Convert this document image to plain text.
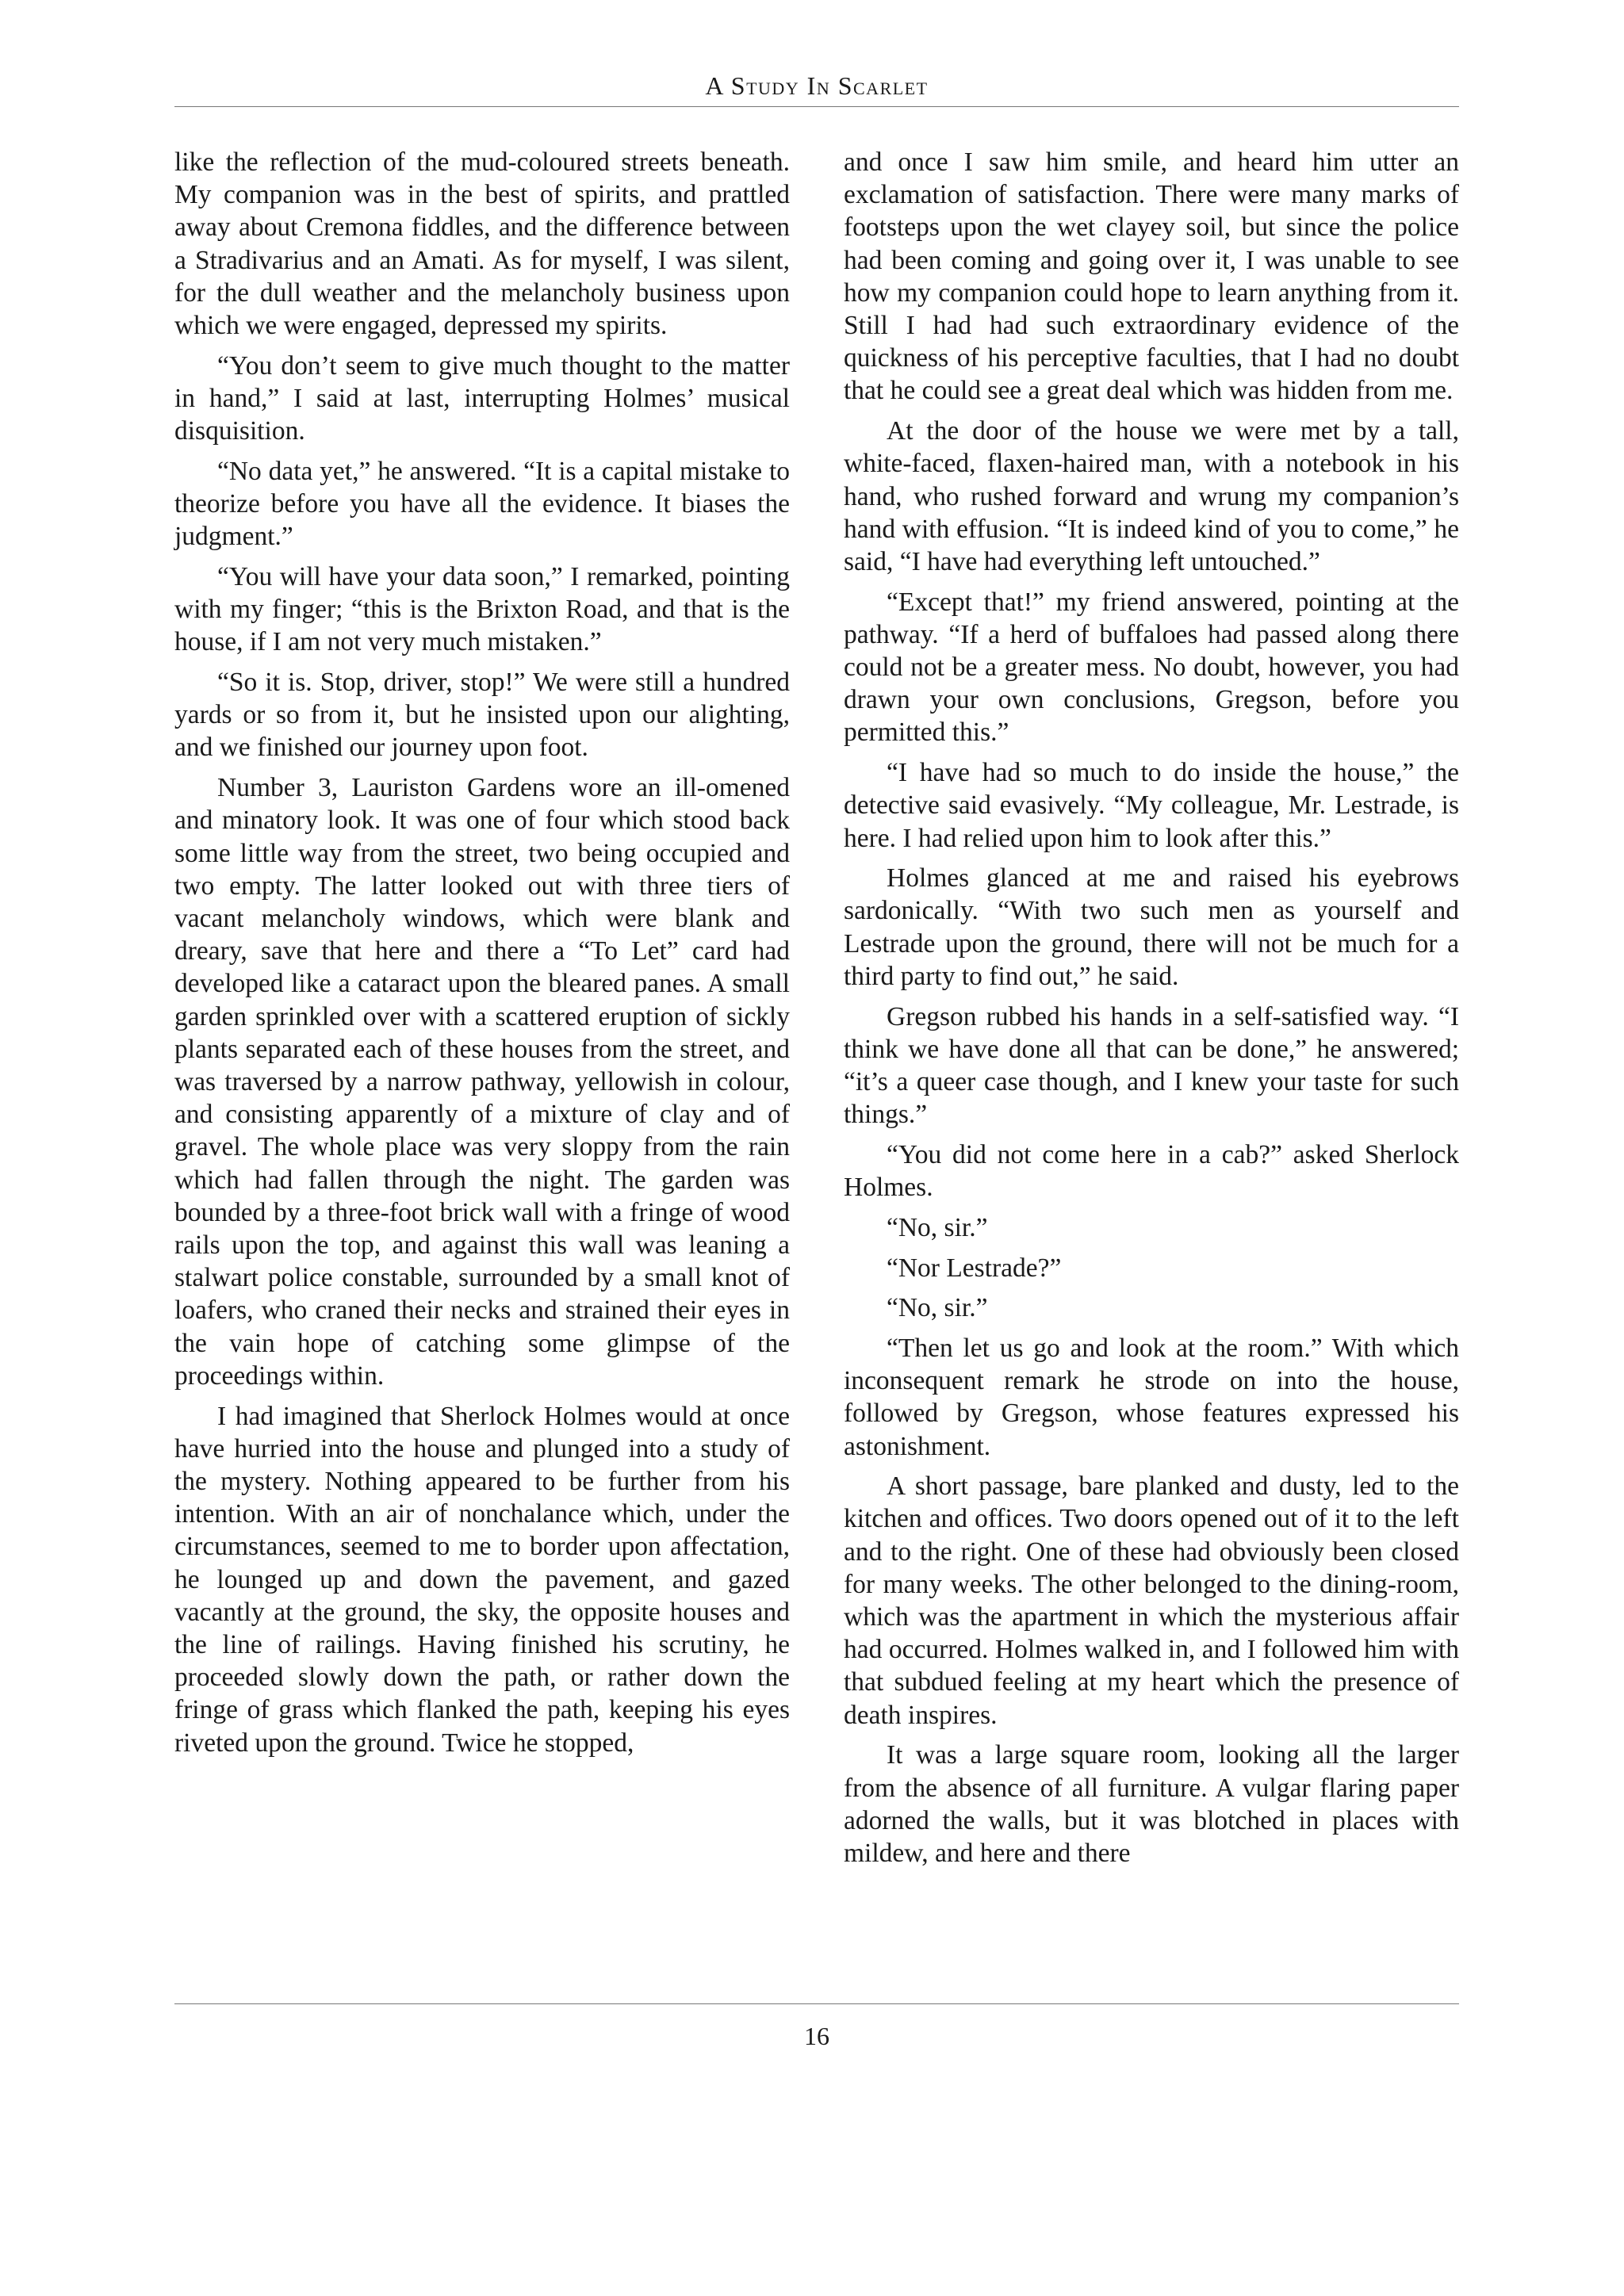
A Study In Scarlet

like the reflection of the mud-coloured streets beneath. My companion was in the best of spirits, and prattled away about Cremona fiddles, and the difference between a Stradivarius and an Amati. As for myself, I was silent, for the dull weather and the melancholy business upon which we were engaged, depressed my spirits.

“You don’t seem to give much thought to the matter in hand,” I said at last, interrupting Holmes’ musical disquisition.

“No data yet,” he answered. “It is a capital mistake to theorize before you have all the evidence. It biases the judgment.”

“You will have your data soon,” I remarked, pointing with my finger; “this is the Brixton Road, and that is the house, if I am not very much mistaken.”

“So it is. Stop, driver, stop!” We were still a hundred yards or so from it, but he insisted upon our alighting, and we finished our journey upon foot.

Number 3, Lauriston Gardens wore an ill-omened and minatory look. It was one of four which stood back some little way from the street, two being occupied and two empty. The latter looked out with three tiers of vacant melancholy windows, which were blank and dreary, save that here and there a “To Let” card had developed like a cataract upon the bleared panes. A small garden sprinkled over with a scattered eruption of sickly plants separated each of these houses from the street, and was traversed by a narrow pathway, yellowish in colour, and consisting apparently of a mixture of clay and of gravel. The whole place was very sloppy from the rain which had fallen through the night. The garden was bounded by a three-foot brick wall with a fringe of wood rails upon the top, and against this wall was leaning a stalwart police constable, surrounded by a small knot of loafers, who craned their necks and strained their eyes in the vain hope of catching some glimpse of the proceedings within.

I had imagined that Sherlock Holmes would at once have hurried into the house and plunged into a study of the mystery. Nothing appeared to be further from his intention. With an air of nonchalance which, under the circumstances, seemed to me to border upon affectation, he lounged up and down the pavement, and gazed vacantly at the ground, the sky, the opposite houses and the line of railings. Having finished his scrutiny, he proceeded slowly down the path, or rather down the fringe of grass which flanked the path, keeping his eyes riveted upon the ground. Twice he stopped,

and once I saw him smile, and heard him utter an exclamation of satisfaction. There were many marks of footsteps upon the wet clayey soil, but since the police had been coming and going over it, I was unable to see how my companion could hope to learn anything from it. Still I had had such extraordinary evidence of the quickness of his perceptive faculties, that I had no doubt that he could see a great deal which was hidden from me.

At the door of the house we were met by a tall, white-faced, flaxen-haired man, with a notebook in his hand, who rushed forward and wrung my companion’s hand with effusion. “It is indeed kind of you to come,” he said, “I have had everything left untouched.”

“Except that!” my friend answered, pointing at the pathway. “If a herd of buffaloes had passed along there could not be a greater mess. No doubt, however, you had drawn your own conclusions, Gregson, before you permitted this.”

“I have had so much to do inside the house,” the detective said evasively. “My colleague, Mr. Lestrade, is here. I had relied upon him to look after this.”

Holmes glanced at me and raised his eyebrows sardonically. “With two such men as yourself and Lestrade upon the ground, there will not be much for a third party to find out,” he said.

Gregson rubbed his hands in a self-satisfied way. “I think we have done all that can be done,” he answered; “it’s a queer case though, and I knew your taste for such things.”

“You did not come here in a cab?” asked Sherlock Holmes.

“No, sir.”

“Nor Lestrade?”

“No, sir.”

“Then let us go and look at the room.” With which inconsequent remark he strode on into the house, followed by Gregson, whose features expressed his astonishment.

A short passage, bare planked and dusty, led to the kitchen and offices. Two doors opened out of it to the left and to the right. One of these had obviously been closed for many weeks. The other belonged to the dining-room, which was the apartment in which the mysterious affair had occurred. Holmes walked in, and I followed him with that subdued feeling at my heart which the presence of death inspires.

It was a large square room, looking all the larger from the absence of all furniture. A vulgar flaring paper adorned the walls, but it was blotched in places with mildew, and here and there

16
